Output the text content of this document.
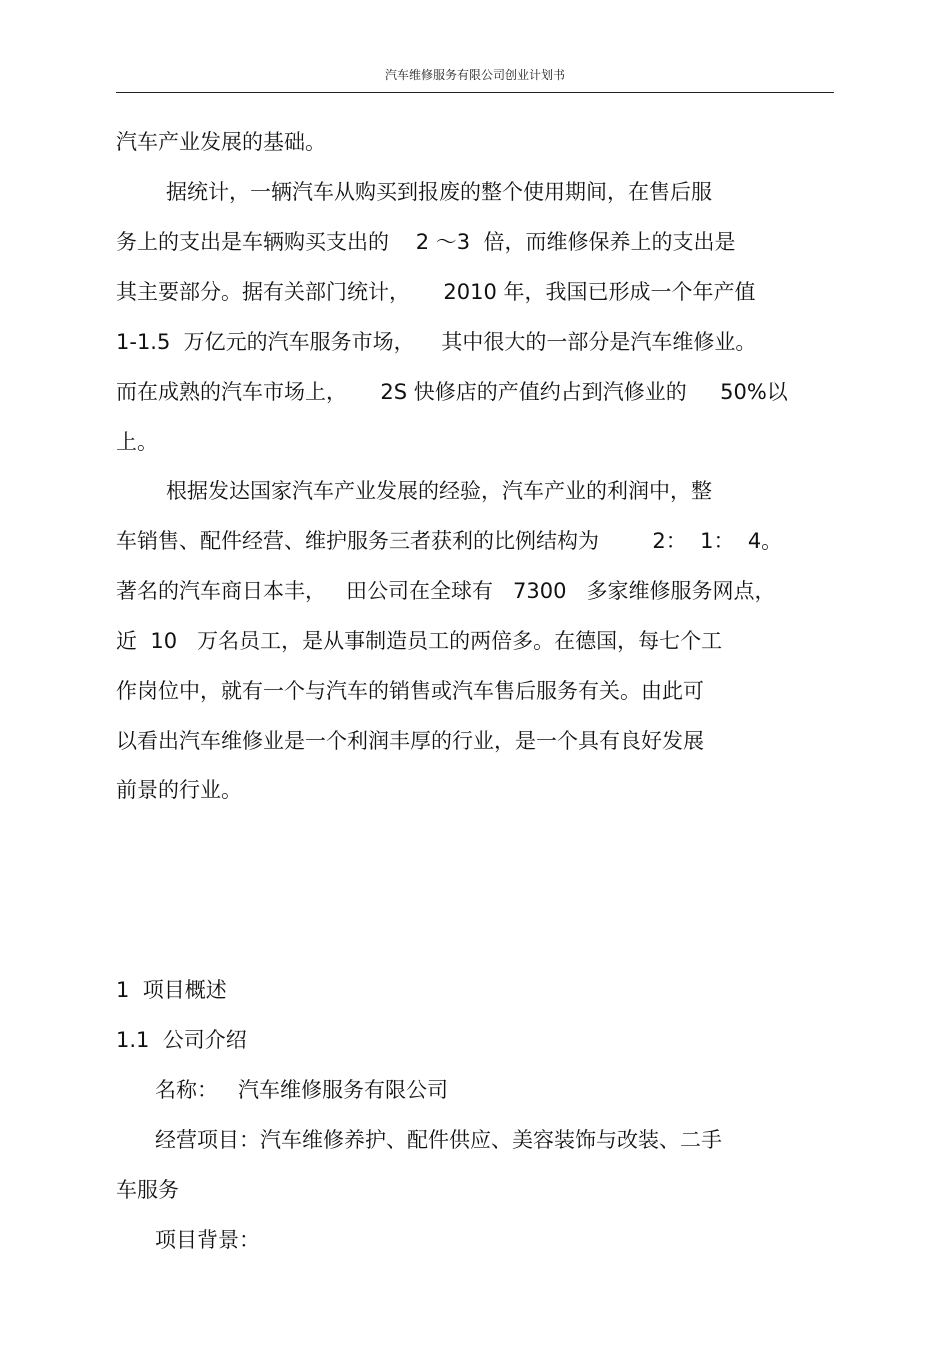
汽车维修服务有限公司创业计划书
汽车产业发展的基础。
据统计，一辆汽车从购买到报废的整个使用期间，在售后服
务上的支出是车辆购买支出的    2 ～3  倍，而维修保养上的支出是
其主要部分。据有关部门统计，     2010 年，我国已形成一个年产值
1-1.5  万亿元的汽车服务市场，    其中很大的一部分是汽车维修业。
而在成熟的汽车市场上，     2S 快修店的产值约占到汽修业的     50%以
上。
根据发达国家汽车产业发展的经验，汽车产业的利润中，整
车销售、配件经营、维护服务三者获利的比例结构为        2：  1：  4。
著名的汽车商日本丰，   田公司在全球有   7300   多家维修服务网点，
近  10   万名员工，是从事制造员工的两倍多。在德国，每七个工
作岗位中，就有一个与汽车的销售或汽车售后服务有关。由此可
以看出汽车维修业是一个利润丰厚的行业，是一个具有良好发展
前景的行业。
1  项目概述
1.1  公司介绍
名称：   汽车维修服务有限公司
经营项目：汽车维修养护、配件供应、美容装饰与改装、二手
车服务
项目背景：
